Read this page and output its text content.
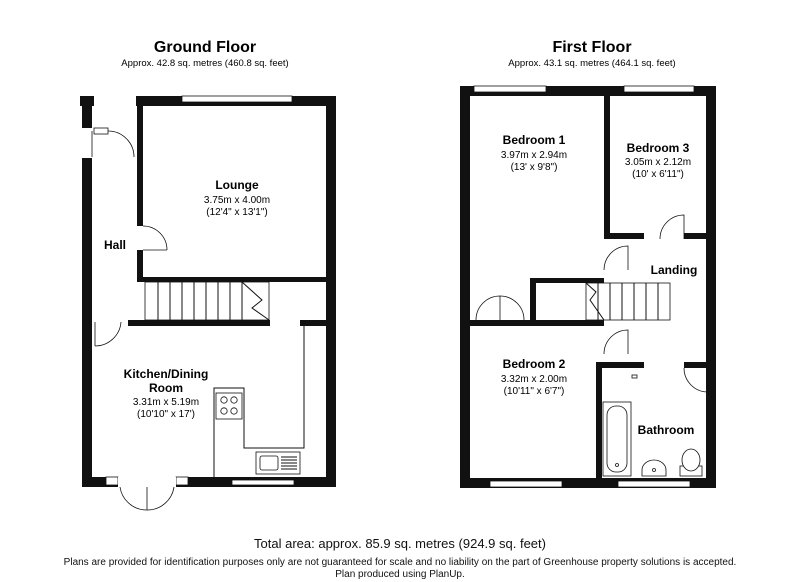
Ground Floor
Approx. 42.8 sq. metres (460.8 sq. feet)
Lounge
3.75m x 4.00m
(12'4" x 13'1")
Hall
Kitchen/Dining
Room
3.31m x 5.19m
(10'10" x 17')
First Floor
Approx. 43.1 sq. metres (464.1 sq. feet)
Bedroom 1
3.97m x 2.94m
(13' x 9'8")
Bedroom 3
3.05m x 2.12m
(10' x 6'11")
Landing
Bedroom 2
3.32m x 2.00m
(10'11" x 6'7")
Bathroom
Total area: approx. 85.9 sq. metres (924.9 sq. feet)
Plans are provided for identification purposes only are not guaranteed for scale and no liability on the part of Greenhouse property solutions is accepted.
Plan produced using PlanUp.
